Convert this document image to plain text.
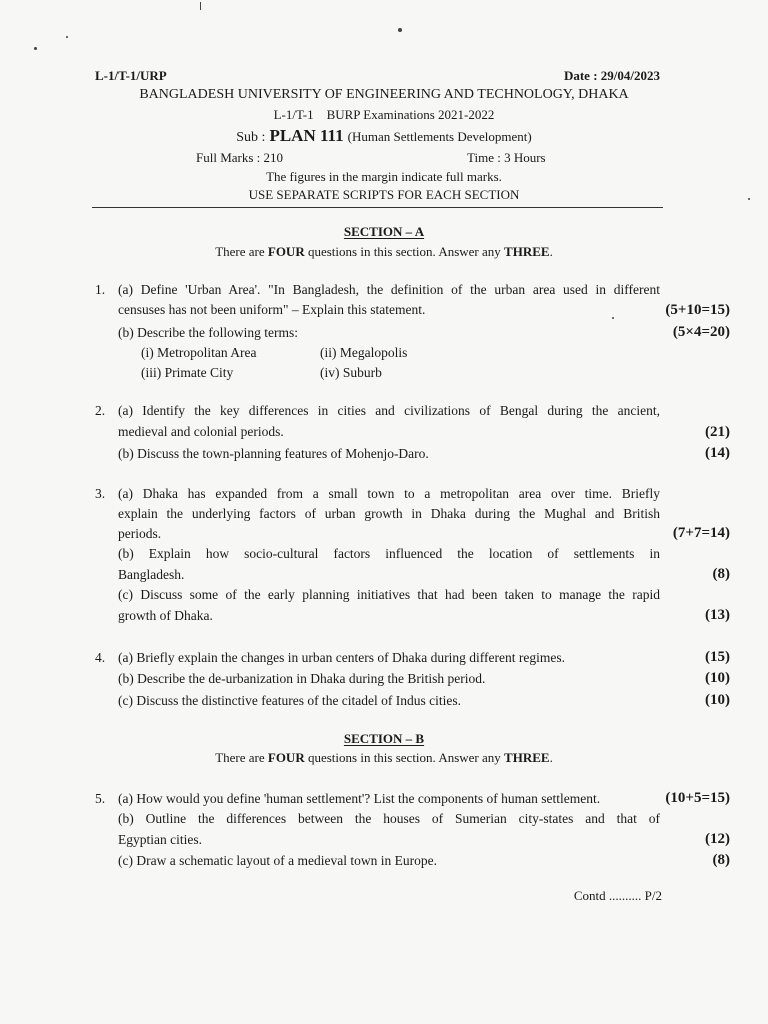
L-1/T-1/URP	Date : 29/04/2023
BANGLADESH UNIVERSITY OF ENGINEERING AND TECHNOLOGY, DHAKA
L-1/T-1    BURP Examinations 2021-2022
Sub : PLAN 111 (Human Settlements Development)
Full Marks : 210	Time : 3 Hours
The figures in the margin indicate full marks.
USE SEPARATE SCRIPTS FOR EACH SECTION
SECTION – A
There are FOUR questions in this section. Answer any THREE.
1. (a) Define 'Urban Area'. "In Bangladesh, the definition of the urban area used in different
censuses has not been uniform" – Explain this statement.	(5+10=15)
(b) Describe the following terms:	(5×4=20)
(i) Metropolitan Area	(ii) Megalopolis
(iii) Primate City	(iv) Suburb
2. (a) Identify the key differences in cities and civilizations of Bengal during the ancient,
medieval and colonial periods.	(21)
(b) Discuss the town-planning features of Mohenjo-Daro.	(14)
3. (a) Dhaka has expanded from a small town to a metropolitan area over time. Briefly
explain the underlying factors of urban growth in Dhaka during the Mughal and British
periods.	(7+7=14)
(b) Explain how socio-cultural factors influenced the location of settlements in
Bangladesh.	(8)
(c) Discuss some of the early planning initiatives that had been taken to manage the rapid
growth of Dhaka.	(13)
4. (a) Briefly explain the changes in urban centers of Dhaka during different regimes.	(15)
(b) Describe the de-urbanization in Dhaka during the British period.	(10)
(c) Discuss the distinctive features of the citadel of Indus cities.	(10)
SECTION – B
There are FOUR questions in this section. Answer any THREE.
5. (a) How would you define 'human settlement'? List the components of human settlement.	(10+5=15)
(b) Outline the differences between the houses of Sumerian city-states and that of
Egyptian cities.	(12)
(c) Draw a schematic layout of a medieval town in Europe.	(8)
Contd .......... P/2
